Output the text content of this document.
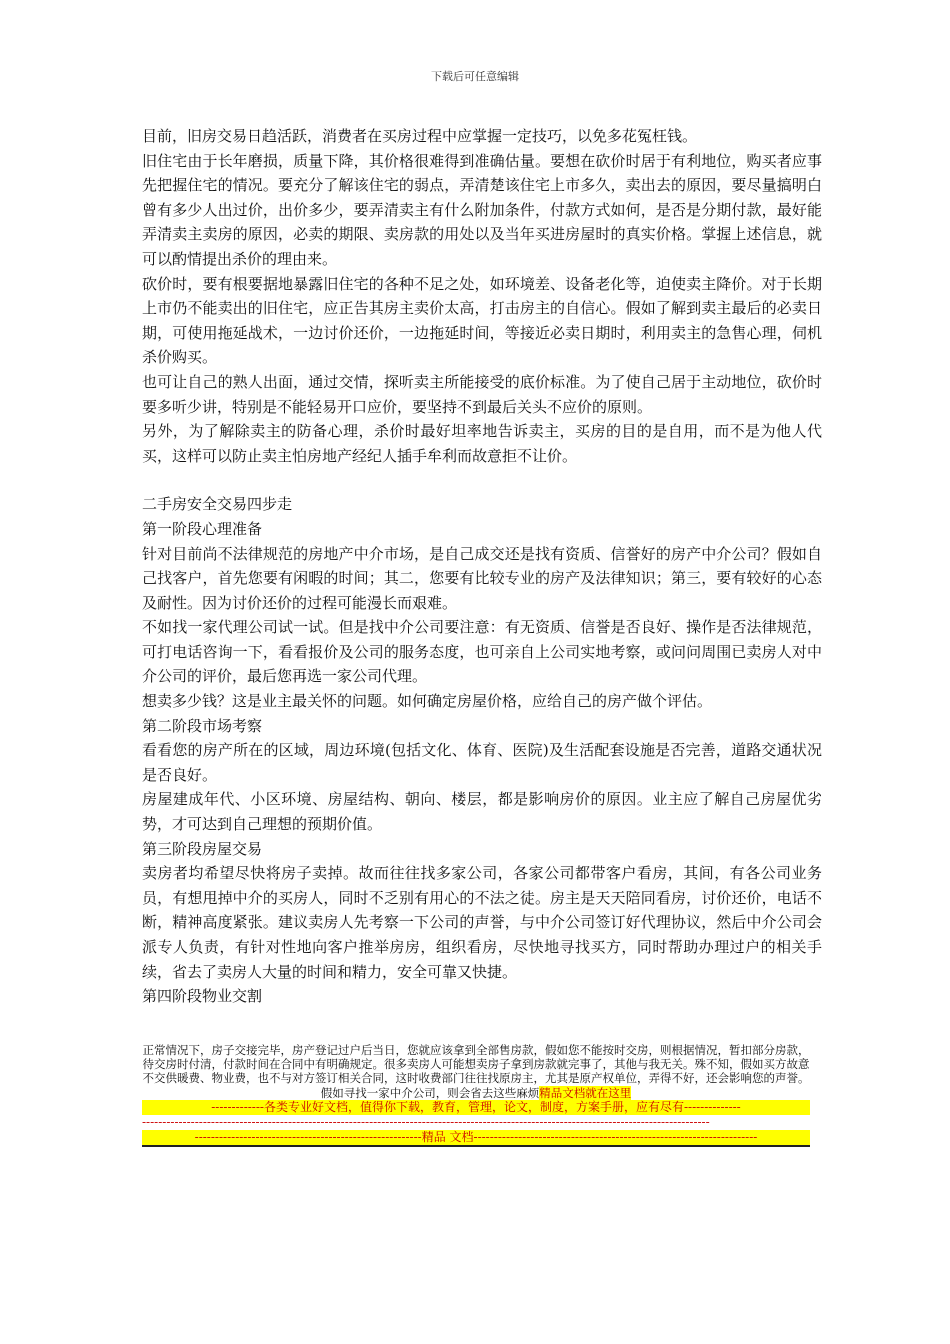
下载后可任意编辑

目前，旧房交易日趋活跃，消费者在买房过程中应掌握一定技巧，以免多花冤枉钱。

旧住宅由于长年磨损，质量下降，其价格很难得到准确估量。要想在砍价时居于有利地位，购买者应事先把握住宅的情况。要充分了解该住宅的弱点，弄清楚该住宅上市多久，卖出去的原因，要尽量搞明白曾有多少人出过价，出价多少，要弄清卖主有什么附加条件，付款方式如何，是否是分期付款，最好能弄清卖主卖房的原因，必卖的期限、卖房款的用处以及当年买进房屋时的真实价格。掌握上述信息，就可以酌情提出杀价的理由来。

砍价时，要有根要据地暴露旧住宅的各种不足之处，如环境差、设备老化等，迫使卖主降价。对于长期上市仍不能卖出的旧住宅，应正告其房主卖价太高，打击房主的自信心。假如了解到卖主最后的必卖日期，可使用拖延战术，一边讨价还价，一边拖延时间，等接近必卖日期时，利用卖主的急售心理，伺机杀价购买。

也可让自己的熟人出面，通过交情，探听卖主所能接受的底价标准。为了使自己居于主动地位，砍价时要多听少讲，特别是不能轻易开口应价，要坚持不到最后关头不应价的原则。

另外，为了解除卖主的防备心理，杀价时最好坦率地告诉卖主，买房的目的是自用，而不是为他人代买，这样可以防止卖主怕房地产经纪人插手牟利而故意拒不让价。

二手房安全交易四步走

第一阶段心理准备

针对目前尚不法律规范的房地产中介市场，是自己成交还是找有资质、信誉好的房产中介公司？假如自己找客户，首先您要有闲暇的时间；其二，您要有比较专业的房产及法律知识；第三，要有较好的心态及耐性。因为讨价还价的过程可能漫长而艰难。

不如找一家代理公司试一试。但是找中介公司要注意：有无资质、信誉是否良好、操作是否法律规范，可打电话咨询一下，看看报价及公司的服务态度，也可亲自上公司实地考察，或问问周围已卖房人对中介公司的评价，最后您再选一家公司代理。

想卖多少钱？这是业主最关怀的问题。如何确定房屋价格，应给自己的房产做个评估。

第二阶段市场考察

看看您的房产所在的区域，周边环境(包括文化、体育、医院)及生活配套设施是否完善，道路交通状况是否良好。

房屋建成年代、小区环境、房屋结构、朝向、楼层，都是影响房价的原因。业主应了解自己房屋优劣势，才可达到自己理想的预期价值。

第三阶段房屋交易

卖房者均希望尽快将房子卖掉。故而往往找多家公司，各家公司都带客户看房，其间，有各公司业务员，有想甩掉中介的买房人，同时不乏别有用心的不法之徒。房主是天天陪同看房，讨价还价，电话不断，精神高度紧张。建议卖房人先考察一下公司的声誉，与中介公司签订好代理协议，然后中介公司会派专人负责，有针对性地向客户推举房房，组织看房，尽快地寻找买方，同时帮助办理过户的相关手续，省去了卖房人大量的时间和精力，安全可靠又快捷。

第四阶段物业交割

正常情况下，房子交接完毕，房产登记过户后当日，您就应该拿到全部售房款，假如您不能按时交房，则根据情况，暂扣部分房款，待交房时付清，付款时间在合同中有明确规定。很多卖房人可能想卖房子拿到房款就完事了，其他与我无关。殊不知，假如买方故意不交供暖费、物业费，也不与对方签订相关合同，这时收费部门往往找原房主，尤其是原产权单位，弄得不好，还会影响您的声誉。假如寻找一家中介公司，则会省去这些麻烦精品文档就在这里

-------------各类专业好文档，值得你下载，教育，管理，论文，制度，方案手册，应有尽有--------------

--------------------------------------------------------------------------------------------------------------------------------------------

--------------------------------------------------------精品 文档----------------------------------------------------------------------
